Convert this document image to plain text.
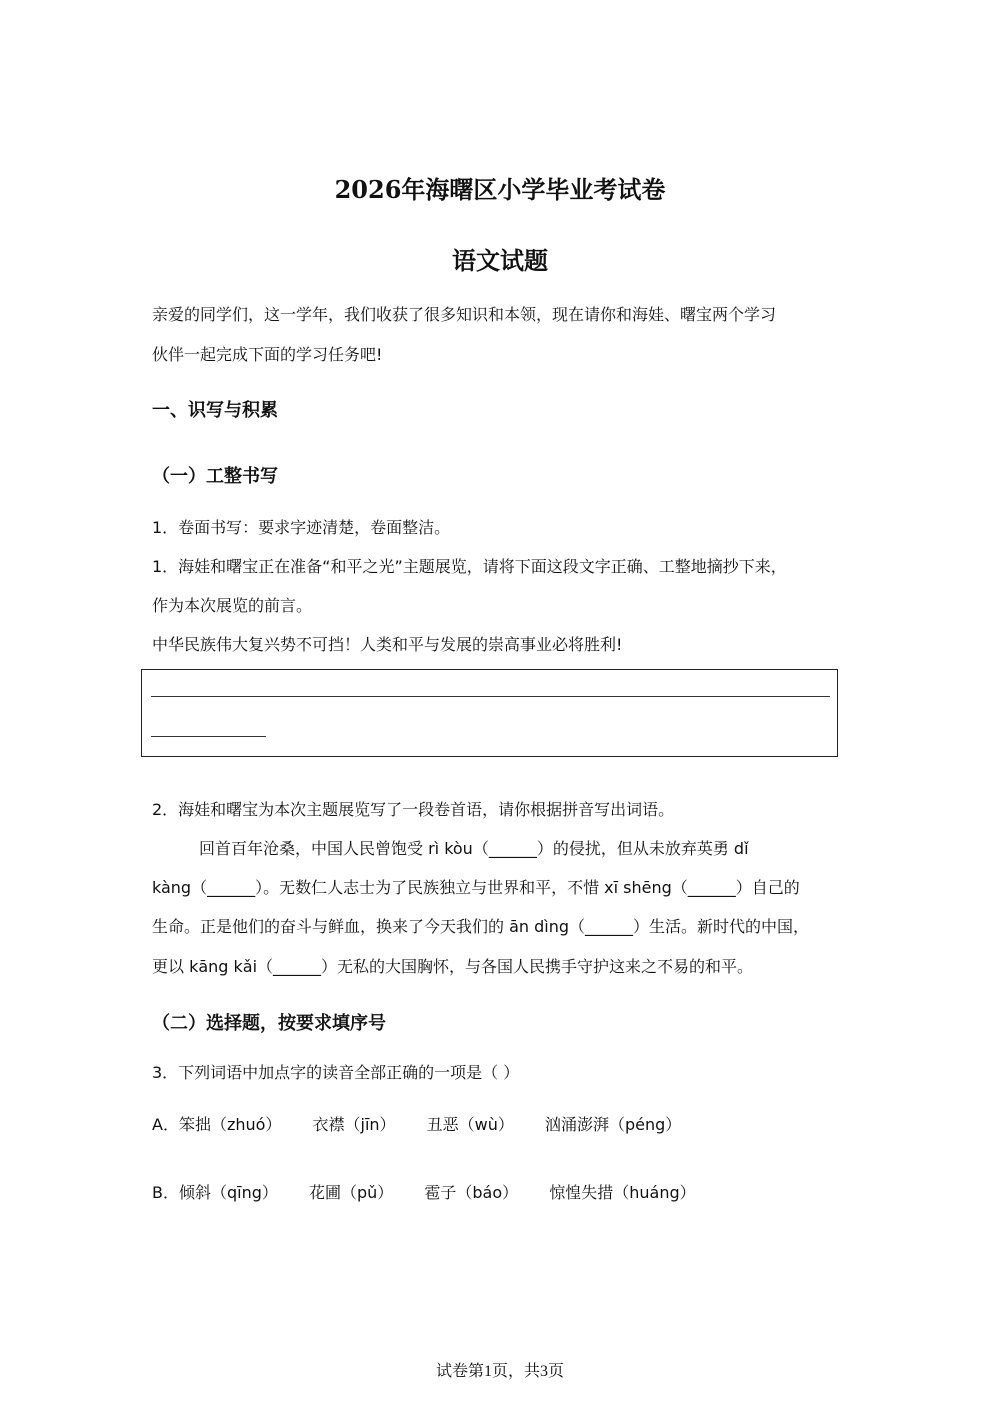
2026年海曙区小学毕业考试卷
语文试题
亲爱的同学们，这一学年，我们收获了很多知识和本领，现在请你和海娃、曙宝两个学习
伙伴一起完成下面的学习任务吧!
一、识写与积累
（一）工整书写
1．卷面书写：要求字迹清楚，卷面整洁。
1．海娃和曙宝正在准备“和平之光”主题展览，请将下面这段文字正确、工整地摘抄下来，
作为本次展览的前言。
中华民族伟大复兴势不可挡！人类和平与发展的崇高事业必将胜利!
2．海娃和曙宝为本次主题展览写了一段卷首语，请你根据拼音写出词语。
回首百年沧桑，中国人民曾饱受 rì kòu（______）的侵扰，但从未放弃英勇 dǐ
kàng（______）。无数仁人志士为了民族独立与世界和平，不惜 xī shēng（______）自己的
生命。正是他们的奋斗与鲜血，换来了今天我们的 ān dìng（______）生活。新时代的中国，
更以 kāng kǎi（______）无私的大国胸怀，与各国人民携手守护这来之不易的和平。
（二）选择题，按要求填序号
3．下列词语中加点字的读音全部正确的一项是（ ）
A．笨拙（zhuó） 衣襟（jīn） 丑恶（wù） 汹涌澎湃（péng）
B．倾斜（qīng） 花圃（pǔ） 雹子（báo） 惊惶失措（huáng）
试卷第1页，共3页
